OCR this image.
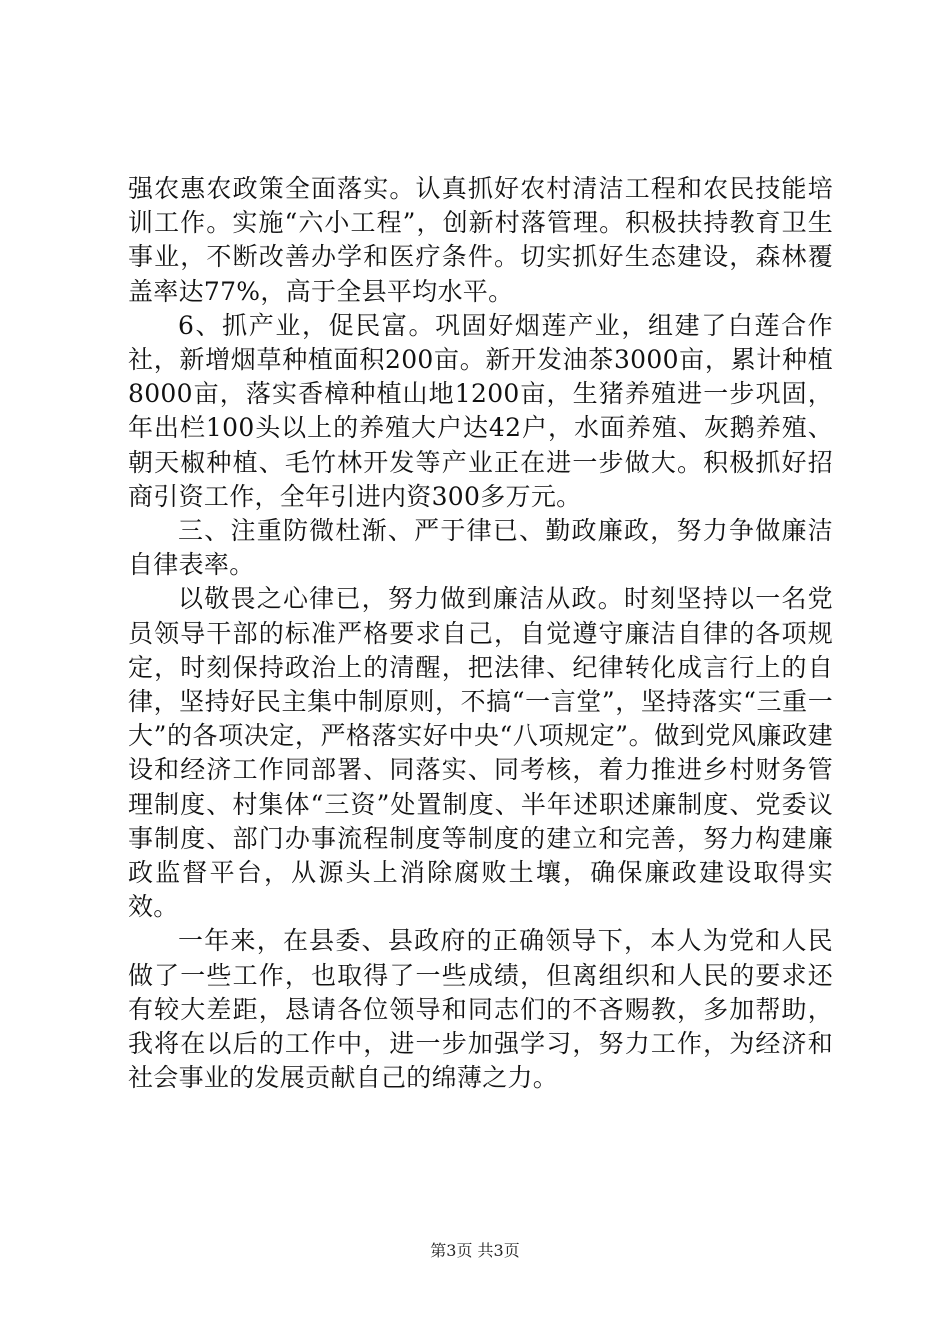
强农惠农政策全面落实。认真抓好农村清洁工程和农民技能培训工作。实施“六小工程”，创新村落管理。积极扶持教育卫生事业，不断改善办学和医疗条件。切实抓好生态建设，森林覆盖率达77%，高于全县平均水平。

6、抓产业，促民富。巩固好烟莲产业，组建了白莲合作社，新增烟草种植面积200亩。新开发油茶3000亩，累计种植8000亩，落实香樟种植山地1200亩，生猪养殖进一步巩固，年出栏100头以上的养殖大户达42户，水面养殖、灰鹅养殖、朝天椒种植、毛竹林开发等产业正在进一步做大。积极抓好招商引资工作，全年引进内资300多万元。

三、注重防微杜渐、严于律已、勤政廉政，努力争做廉洁自律表率。

以敬畏之心律已，努力做到廉洁从政。时刻坚持以一名党员领导干部的标准严格要求自己，自觉遵守廉洁自律的各项规定，时刻保持政治上的清醒，把法律、纪律转化成言行上的自律，坚持好民主集中制原则，不搞“一言堂”，坚持落实“三重一大”的各项决定，严格落实好中央“八项规定”。做到党风廉政建设和经济工作同部署、同落实、同考核，着力推进乡村财务管理制度、村集体“三资”处置制度、半年述职述廉制度、党委议事制度、部门办事流程制度等制度的建立和完善，努力构建廉政监督平台，从源头上消除腐败土壤，确保廉政建设取得实效。

一年来，在县委、县政府的正确领导下，本人为党和人民做了一些工作，也取得了一些成绩，但离组织和人民的要求还有较大差距，恳请各位领导和同志们的不吝赐教，多加帮助，我将在以后的工作中，进一步加强学习，努力工作，为经济和社会事业的发展贡献自己的绵薄之力。

第3页 共3页
